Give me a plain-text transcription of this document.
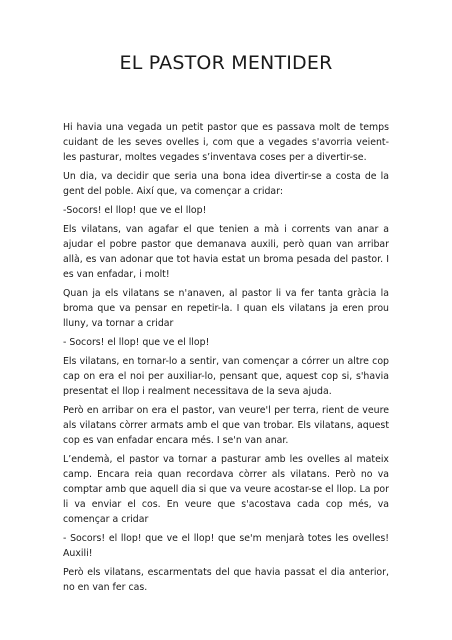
EL PASTOR MENTIDER

Hi havia una vegada un petit pastor que es passava molt de temps cuidant de les seves ovelles i, com que a vegades s'avorria veient-les pasturar, moltes vegades s’inventava coses per a divertir-se.

Un dia, va decidir que seria una bona idea divertir-se a costa de la gent del poble. Així que, va començar a cridar:

-Socors! el llop! que ve el llop!

Els vilatans, van agafar el que tenien a mà i corrents van anar a ajudar el pobre pastor que demanava auxili, però quan van arribar allà, es van adonar que tot havia estat un broma pesada del pastor. I es van enfadar, i molt!

Quan ja els vilatans se n'anaven, al pastor li va fer tanta gràcia la broma que va pensar en repetir-la. I quan els vilatans ja eren prou lluny, va tornar a cridar

- Socors! el llop! que ve el llop!

Els vilatans, en tornar-lo a sentir, van començar a córrer un altre cop cap on era el noi per auxiliar-lo, pensant que, aquest cop si, s'havia presentat el llop i realment necessitava de la seva ajuda.

Però en arribar on era el pastor, van veure'l per terra, rient de veure als vilatans còrrer armats amb el que van trobar. Els vilatans, aquest cop es van enfadar encara més. I se'n van anar.

L’endemà, el pastor va tornar a pasturar amb les ovelles al mateix camp. Encara reia quan recordava còrrer als vilatans. Però no va comptar amb que aquell dia si que va veure acostar-se el llop. La por li va enviar el cos. En veure que s'acostava cada cop més, va començar a cridar

- Socors! el llop! que ve el llop! que se'm menjarà totes les ovelles! Auxili!

Però els vilatans, escarmentats del que havia passat el dia anterior, no en van fer cas.
